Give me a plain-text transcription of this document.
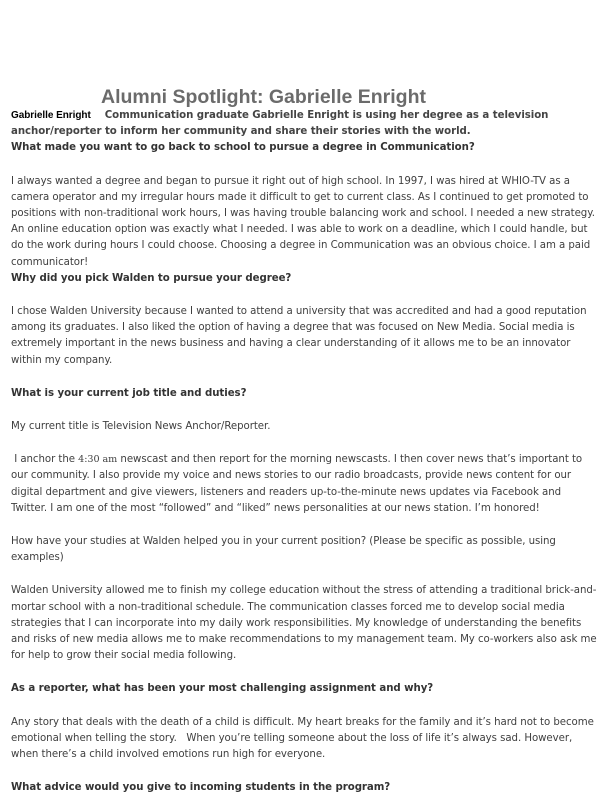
Alumni Spotlight: Gabrielle Enright

Gabrielle Enright Communication graduate Gabrielle Enright is using her degree as a television anchor/reporter to inform her community and share their stories with the world.

What made you want to go back to school to pursue a degree in Communication?

I always wanted a degree and began to pursue it right out of high school. In 1997, I was hired at WHIO-TV as a camera operator and my irregular hours made it difficult to get to current class. As I continued to get promoted to positions with non-traditional work hours, I was having trouble balancing work and school. I needed a new strategy. An online education option was exactly what I needed. I was able to work on a deadline, which I could handle, but do the work during hours I could choose. Choosing a degree in Communication was an obvious choice. I am a paid communicator!

Why did you pick Walden to pursue your degree?

I chose Walden University because I wanted to attend a university that was accredited and had a good reputation among its graduates. I also liked the option of having a degree that was focused on New Media. Social media is extremely important in the news business and having a clear understanding of it allows me to be an innovator within my company.

What is your current job title and duties?

My current title is Television News Anchor/Reporter.

I anchor the 4:30 am newscast and then report for the morning newscasts. I then cover news that’s important to our community. I also provide my voice and news stories to our radio broadcasts, provide news content for our digital department and give viewers, listeners and readers up-to-the-minute news updates via Facebook and Twitter. I am one of the most “followed” and “liked” news personalities at our news station. I’m honored!

How have your studies at Walden helped you in your current position? (Please be specific as possible, using examples)

Walden University allowed me to finish my college education without the stress of attending a traditional brick-and-mortar school with a non-traditional schedule. The communication classes forced me to develop social media strategies that I can incorporate into my daily work responsibilities. My knowledge of understanding the benefits and risks of new media allows me to make recommendations to my management team. My co-workers also ask me for help to grow their social media following.

As a reporter, what has been your most challenging assignment and why?

Any story that deals with the death of a child is difficult. My heart breaks for the family and it’s hard not to become emotional when telling the story.   When you’re telling someone about the loss of life it’s always sad. However, when there’s a child involved emotions run high for everyone.

What advice would you give to incoming students in the program?
